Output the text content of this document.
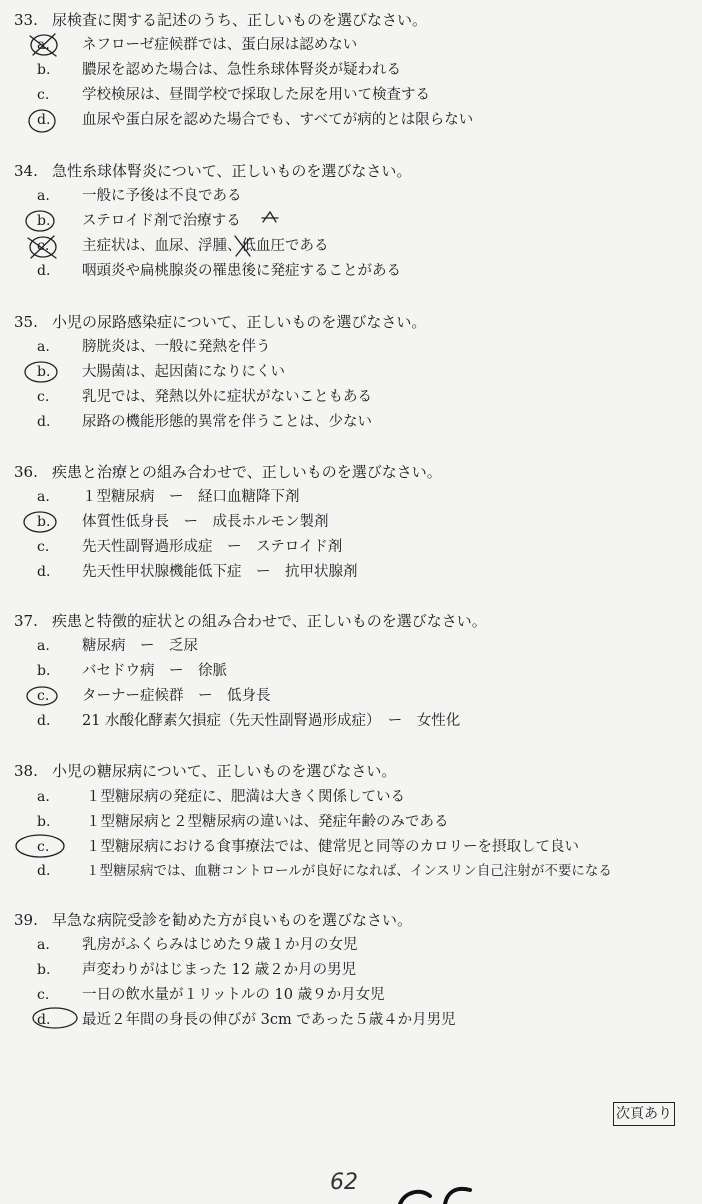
33. 尿検査に関する記述のうち、正しいものを選びなさい。
a. ネフローゼ症候群では、蛋白尿は認めない
b. 膿尿を認めた場合は、急性糸球体腎炎が疑われる
c. 学校検尿は、昼間学校で採取した尿を用いて検査する
d. 血尿や蛋白尿を認めた場合でも、すべてが病的とは限らない
34. 急性糸球体腎炎について、正しいものを選びなさい。
a. 一般に予後は不良である
b. ステロイド剤で治療する
c. 主症状は、血尿、浮腫、低血圧である
d. 咽頭炎や扁桃腺炎の罹患後に発症することがある
35. 小児の尿路感染症について、正しいものを選びなさい。
a. 膀胱炎は、一般に発熱を伴う
b. 大腸菌は、起因菌になりにくい
c. 乳児では、発熱以外に症状がないこともある
d. 尿路の機能形態的異常を伴うことは、少ない
36. 疾患と治療との組み合わせで、正しいものを選びなさい。
a. １型糖尿病　ー　経口血糖降下剤
b. 体質性低身長　ー　成長ホルモン製剤
c. 先天性副腎過形成症　ー　ステロイド剤
d. 先天性甲状腺機能低下症　ー　抗甲状腺剤
37. 疾患と特徴的症状との組み合わせで、正しいものを選びなさい。
a. 糖尿病　ー　乏尿
b. バセドウ病　ー　徐脈
c. ターナー症候群　ー　低身長
d. 21 水酸化酵素欠損症（先天性副腎過形成症）　ー　女性化
38. 小児の糖尿病について、正しいものを選びなさい。
a. １型糖尿病の発症に、肥満は大きく関係している
b. １型糖尿病と２型糖尿病の違いは、発症年齢のみである
c.	１型糖尿病における食事療法では、健常児と同等のカロリーを摂取して良い
d.	１型糖尿病では、血糖コントロールが良好になれば、インスリン自己注射が不要になる
39. 早急な病院受診を勧めた方が良いものを選びなさい。
a. 乳房がふくらみはじめた９歳１か月の女児
b. 声変わりがはじまった 12 歳２か月の男児
c. 一日の飲水量が１リットルの 10 歳９か月女児
d. 最近２年間の身長の伸びが 3cm であった５歳４か月男児
次頁あり
62
